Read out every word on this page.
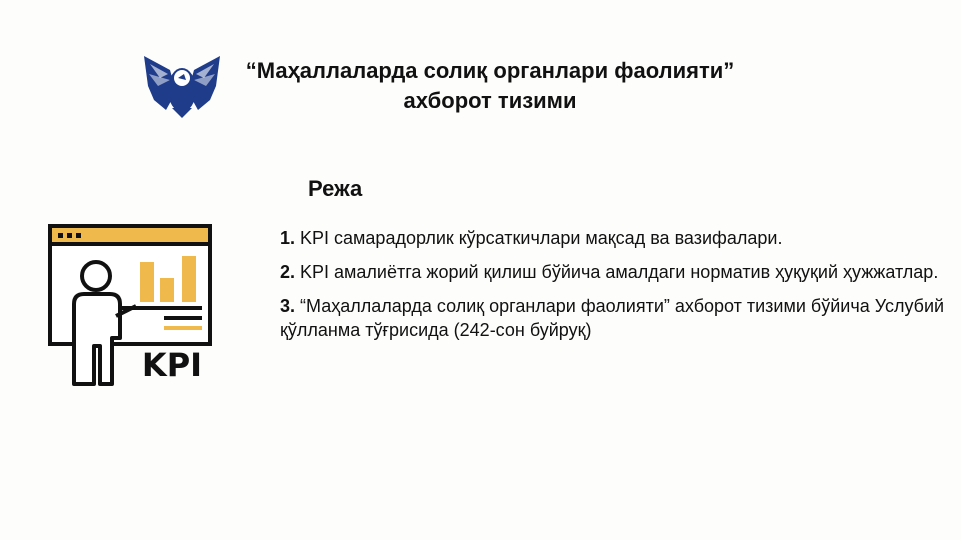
“Маҳаллаларда солиқ органлари фаолияти”
ахборот тизими
Режа
KPI
1. KPI самарадорлик кўрсаткичлари мақсад ва вазифалари.
2. KPI амалиётга жорий қилиш бўйича амалдаги норматив ҳуқуқий ҳужжатлар.
3. “Маҳаллаларда солиқ органлари фаолияти” ахборот тизими бўйича Услубий қўлланма тўғрисида (242-сон буйруқ)
